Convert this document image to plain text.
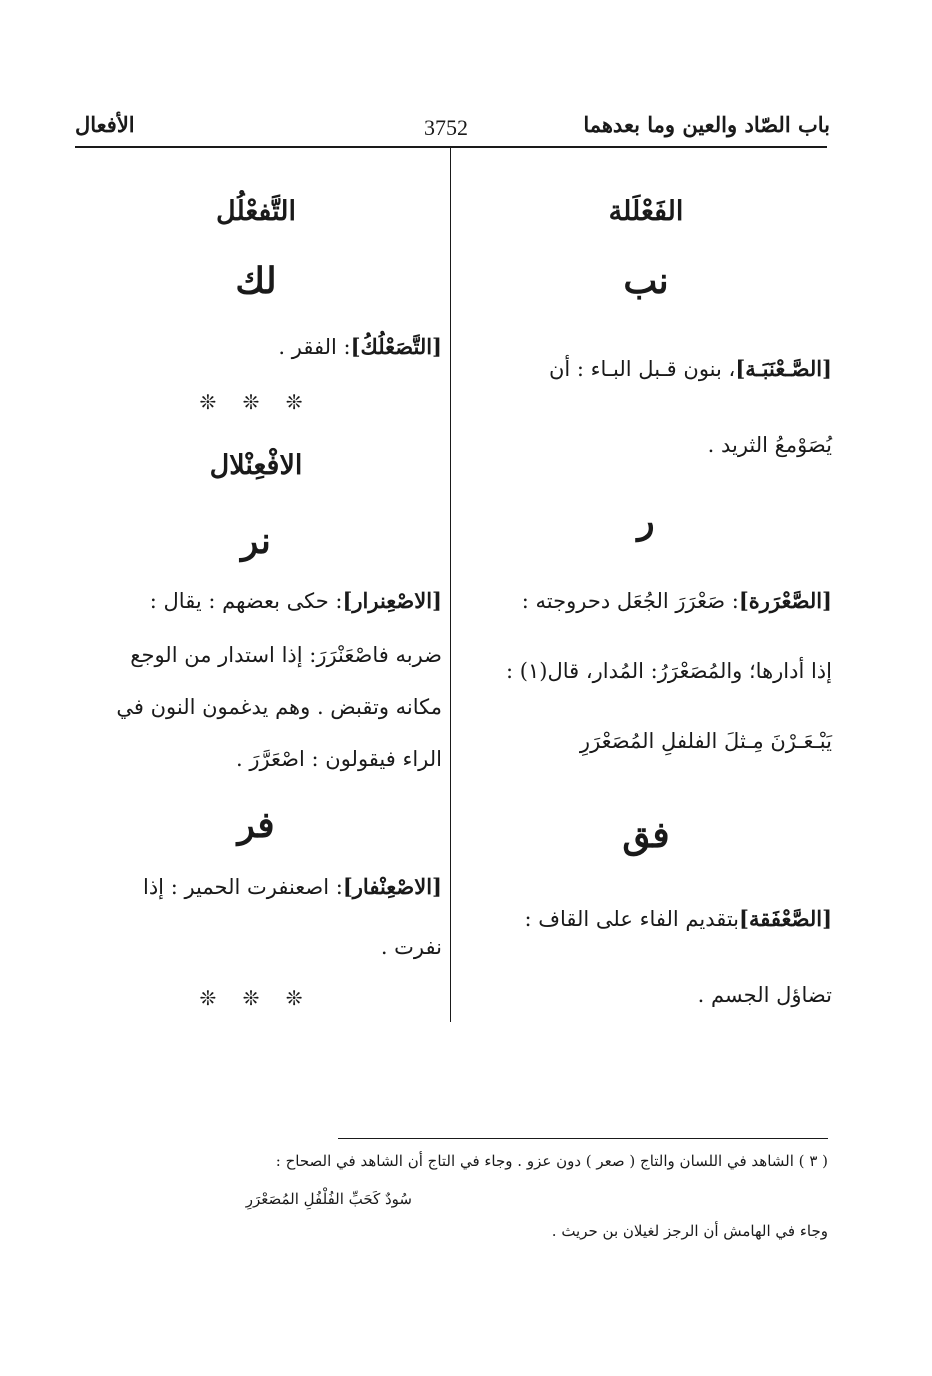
باب الصّاد والعين وما بعدهما
3752
الأفعال
الفَعْلَلة
نب
[الصَّـعْنَبَـة]، بنون قـبل البـاء : أن
يُصَوْمعُ الثريد .
ر
[الصَّعْرَرة]: صَعْرَرَ الجُعَل دحروجته :
إذا أدارها؛ والمُصَعْرَرُ: المُدار، قال(١) :
يَبْـعَـرْنَ مِـثلَ الفلفلِ المُصَعْرَرِ
فق
[الصَّعْفَقة]بتقديم الفاء على القاف :
تضاؤل الجسم .
التَّفعْلُل
لك
[التَّصَعْلُكُ]: الفقر .
❊ ❊ ❊
الافْعِنْلال
نر
[الاصْعِنرار]: حكى بعضهم : يقال :
ضربه فاصْعَنْرَرَ: إذا استدار من الوجع
مكانه وتقبض . وهم يدغمون النون في
الراء فيقولون : اصْعَرَّرَ .
فر
[الاصْعِنْفار]: اصعنفرت الحمير : إذا
نفرت .
❊ ❊ ❊
( ٣ ) الشاهد في اللسان والتاج ( صعر ) دون عزو . وجاء في التاج أن الشاهد في الصحاح :
سُودٌ كَحَبِّ الفُلْفُلِ المُصَعْرَرِ
وجاء في الهامش أن الرجز لغيلان بن حريث .
